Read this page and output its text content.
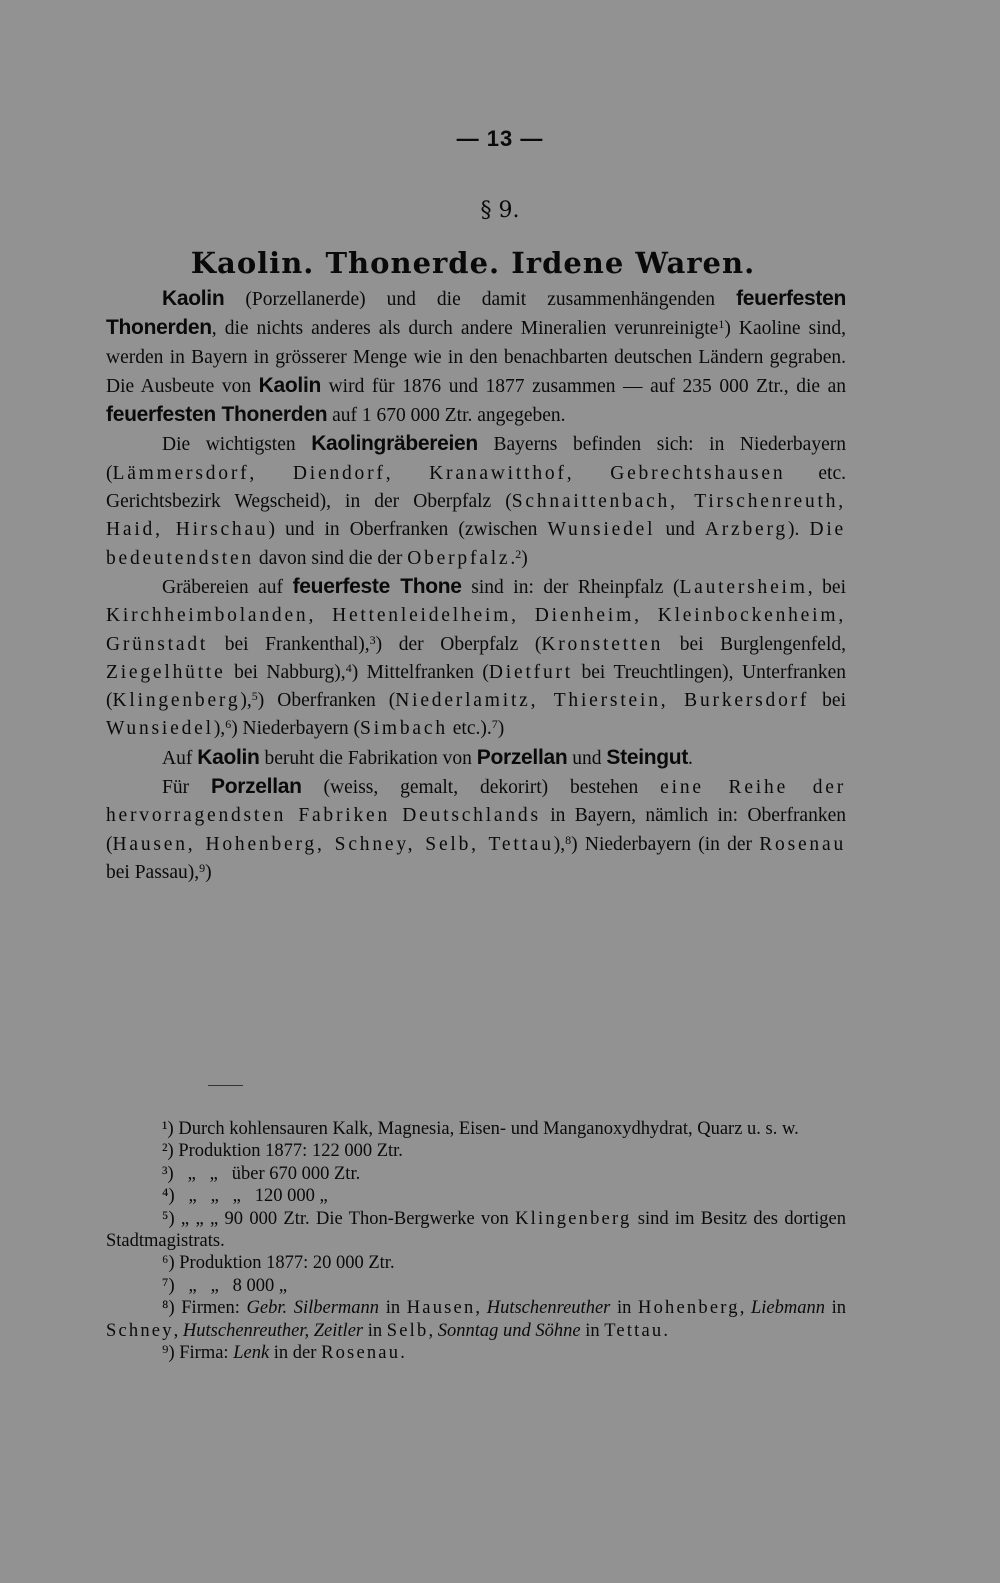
— 13 —
§ 9.
Kaolin. Thonerde. Irdene Waren.

Kaolin (Porzellanerde) und die damit zusammenhängenden feuerfesten Thonerden, die nichts anderes als durch andere Mineralien verunreinigte$^1$) Kaoline sind, werden in Bayern in grösserer Menge wie in den benachbarten deutschen Ländern gegraben. Die Ausbeute von Kaolin wird für 1876 und 1877 zusammen — auf 235 000 Ztr., die an feuerfesten Thonerden auf 1 670 000 Ztr. angegeben.

Die wichtigsten Kaolingräbereien Bayerns befinden sich: in Niederbayern (Lämmersdorf, Diendorf, Kranawitthof, Gebrechtshausen etc. Gerichtsbezirk Wegscheid), in der Oberpfalz (Schnaittenbach, Tirschenreuth, Haid, Hirschau) und in Oberfranken (zwischen Wunsiedel und Arzberg). Die bedeutendsten davon sind die der Oberpfalz.$^2$)

Gräbereien auf feuerfeste Thone sind in: der Rheinpfalz (Lautersheim, bei Kirchheimbolanden, Hettenleidelheim, Dienheim, Kleinbockenheim, Grünstadt bei Frankenthal),$^3$) der Oberpfalz (Kronstetten bei Burglengenfeld, Ziegelhütte bei Nabburg),$^4$) Mittelfranken (Dietfurt bei Treuchtlingen), Unterfranken (Klingenberg),$^5$) Oberfranken (Niederlamitz, Thierstein, Burkersdorf bei Wunsiedel),$^6$) Niederbayern (Simbach etc.).$^7$)

Auf Kaolin beruht die Fabrikation von Porzellan und Steingut.

Für Porzellan (weiss, gemalt, dekorirt) bestehen eine Reihe der hervorragendsten Fabriken Deutschlands in Bayern, nämlich in: Oberfranken (Hausen, Hohenberg, Schney, Selb, Tettau),$^8$) Niederbayern (in der Rosenau bei Passau),$^9$)

¹) Durch kohlensauren Kalk, Magnesia, Eisen- und Manganoxydhydrat, Quarz u. s. w.

²) Produktion 1877: 122 000 Ztr.

³)   „   „   über 670 000 Ztr.

⁴)   „   „   „   120 000 „

⁵) „ „ „ 90 000 Ztr. Die Thon-Bergwerke von Klingenberg sind im Besitz des dortigen Stadtmagistrats.

⁶) Produktion 1877: 20 000 Ztr.

⁷)   „   „   8 000 „

⁸) Firmen: Gebr. Silbermann in Hausen, Hutschenreuther in Hohenberg, Liebmann in Schney, Hutschenreuther, Zeitler in Selb, Sonntag und Söhne in Tettau.

⁹) Firma: Lenk in der Rosenau.
